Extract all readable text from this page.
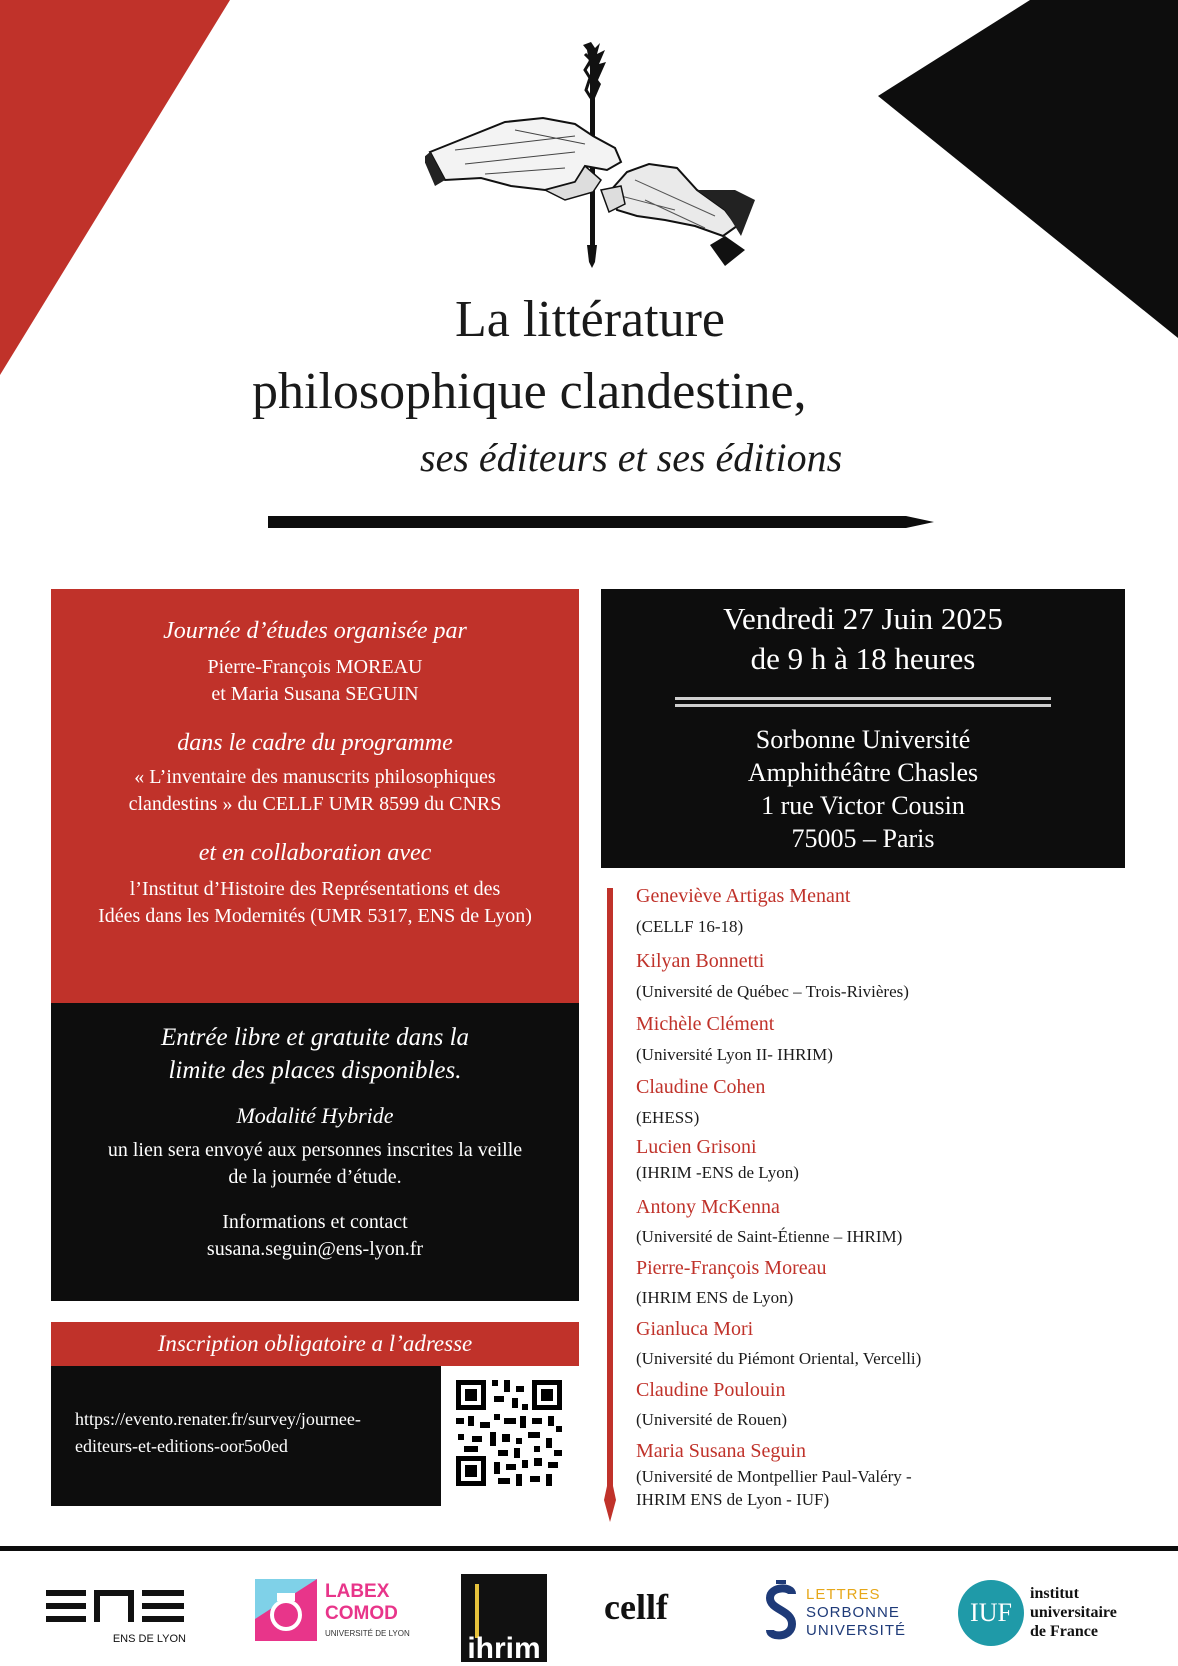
La littérature
philosophique clandestine,
ses éditeurs et ses éditions
Journée d’études organisée par
Pierre-François MOREAU
et Maria Susana SEGUIN
dans le cadre du programme
« L’inventaire des manuscrits philosophiques
clandestins » du CELLF UMR 8599 du CNRS
et en collaboration avec
l’Institut d’Histoire des Représentations et des
Idées dans les Modernités (UMR 5317, ENS de Lyon)
Entrée libre et gratuite dans la
limite des places disponibles.
Modalité Hybride
un lien sera envoyé aux personnes inscrites la veille
de la journée d’étude.
Informations et contact
susana.seguin@ens-lyon.fr
Inscription obligatoire a l’adresse
https://evento.renater.fr/survey/journee-
editeurs-et-editions-oor5o0ed
Vendredi 27 Juin 2025
de 9 h à 18 heures
Sorbonne Université
Amphithéâtre Chasles
1 rue Victor Cousin
75005 – Paris
Geneviève Artigas Menant
(CELLF 16-18)
Kilyan Bonnetti
(Université de Québec – Trois-Rivières)
Michèle Clément
(Université Lyon II- IHRIM)
Claudine Cohen
(EHESS)
Lucien Grisoni
(IHRIM -ENS de Lyon)
Antony McKenna
(Université de Saint-Étienne – IHRIM)
Pierre-François Moreau
(IHRIM ENS de Lyon)
Gianluca Mori
(Université du Piémont Oriental, Vercelli)
Claudine Poulouin
(Université de Rouen)
Maria Susana Seguin
(Université de Montpellier Paul-Valéry -
IHRIM ENS de Lyon - IUF)
ENS DE LYON
LABEX
COMOD
UNIVERSITÉ DE LYON ihrim
cellf	LETTRES
SORBONNE
UNIVERSITÉ
IUF
institut
universitaire
de France
